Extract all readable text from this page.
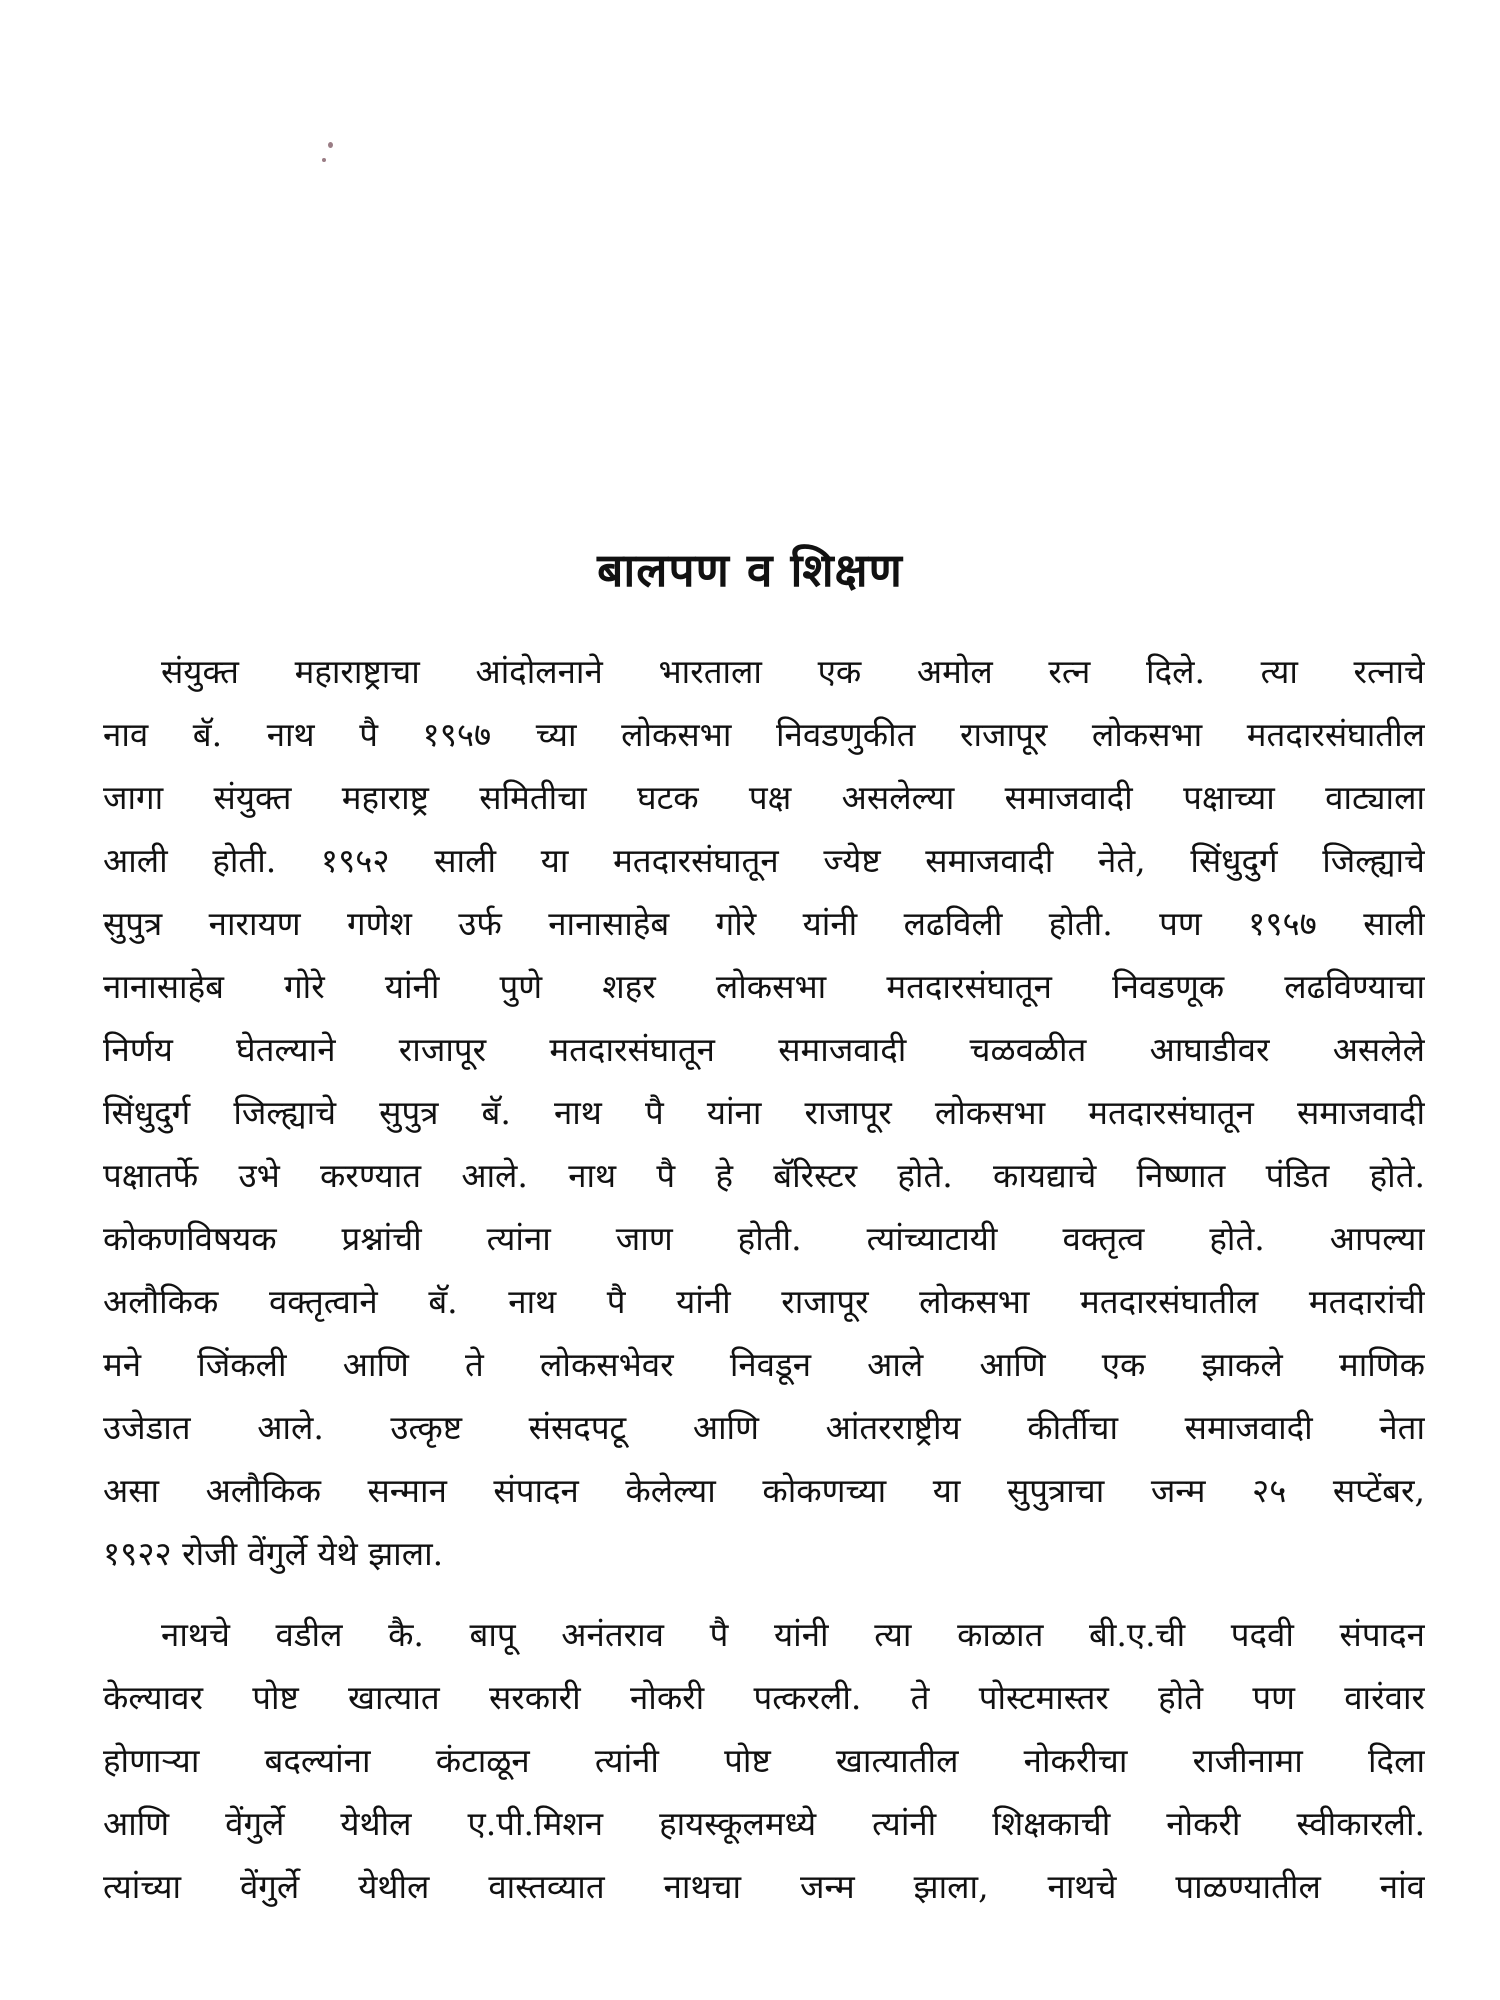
बालपण व शिक्षण

संयुक्त महाराष्ट्राचा आंदोलनाने भारताला एक अमोल रत्न दिले. त्या रत्नाचे
नाव बॅ. नाथ पै १९५७ च्या लोकसभा निवडणुकीत राजापूर लोकसभा मतदारसंघातील
जागा संयुक्त महाराष्ट्र समितीचा घटक पक्ष असलेल्या समाजवादी पक्षाच्या वाट्याला
आली होती. १९५२ साली या मतदारसंघातून ज्येष्ट समाजवादी नेते, सिंधुदुर्ग जिल्ह्याचे
सुपुत्र नारायण गणेश उर्फ नानासाहेब गोरे यांनी लढविली होती. पण १९५७ साली
नानासाहेब गोरे यांनी पुणे शहर लोकसभा मतदारसंघातून निवडणूक लढविण्याचा
निर्णय घेतल्याने राजापूर मतदारसंघातून समाजवादी चळवळीत आघाडीवर असलेले
सिंधुदुर्ग जिल्ह्याचे सुपुत्र बॅ. नाथ पै यांना राजापूर लोकसभा मतदारसंघातून समाजवादी
पक्षातर्फे उभे करण्यात आले. नाथ पै हे बॅरिस्टर होते. कायद्याचे निष्णात पंडित होते.
कोकणविषयक प्रश्नांची त्यांना जाण होती. त्यांच्याटायी वक्तृत्व होते. आपल्या
अलौकिक वक्तृत्वाने बॅ. नाथ पै यांनी राजापूर लोकसभा मतदारसंघातील मतदारांची
मने जिंकली आणि ते लोकसभेवर निवडून आले आणि एक झाकले माणिक
उजेडात आले. उत्कृष्ट संसदपटू आणि आंतरराष्ट्रीय कीर्तीचा समाजवादी नेता
असा अलौकिक सन्मान संपादन केलेल्या कोकणच्या या सुपुत्राचा जन्म २५ सप्टेंबर,
१९२२ रोजी वेंगुर्ले येथे झाला.

नाथचे वडील कै. बापू अनंतराव पै यांनी त्या काळात बी.ए.ची पदवी संपादन
केल्यावर पोष्ट खात्यात सरकारी नोकरी पत्करली. ते पोस्टमास्तर होते पण वारंवार
होणाऱ्या बदल्यांना कंटाळून त्यांनी पोष्ट खात्यातील नोकरीचा राजीनामा दिला
आणि वेंगुर्ले येथील ए.पी.मिशन हायस्कूलमध्ये त्यांनी शिक्षकाची नोकरी स्वीकारली.
त्यांच्या वेंगुर्ले येथील वास्तव्यात नाथचा जन्म झाला, नाथचे पाळण्यातील नांव
